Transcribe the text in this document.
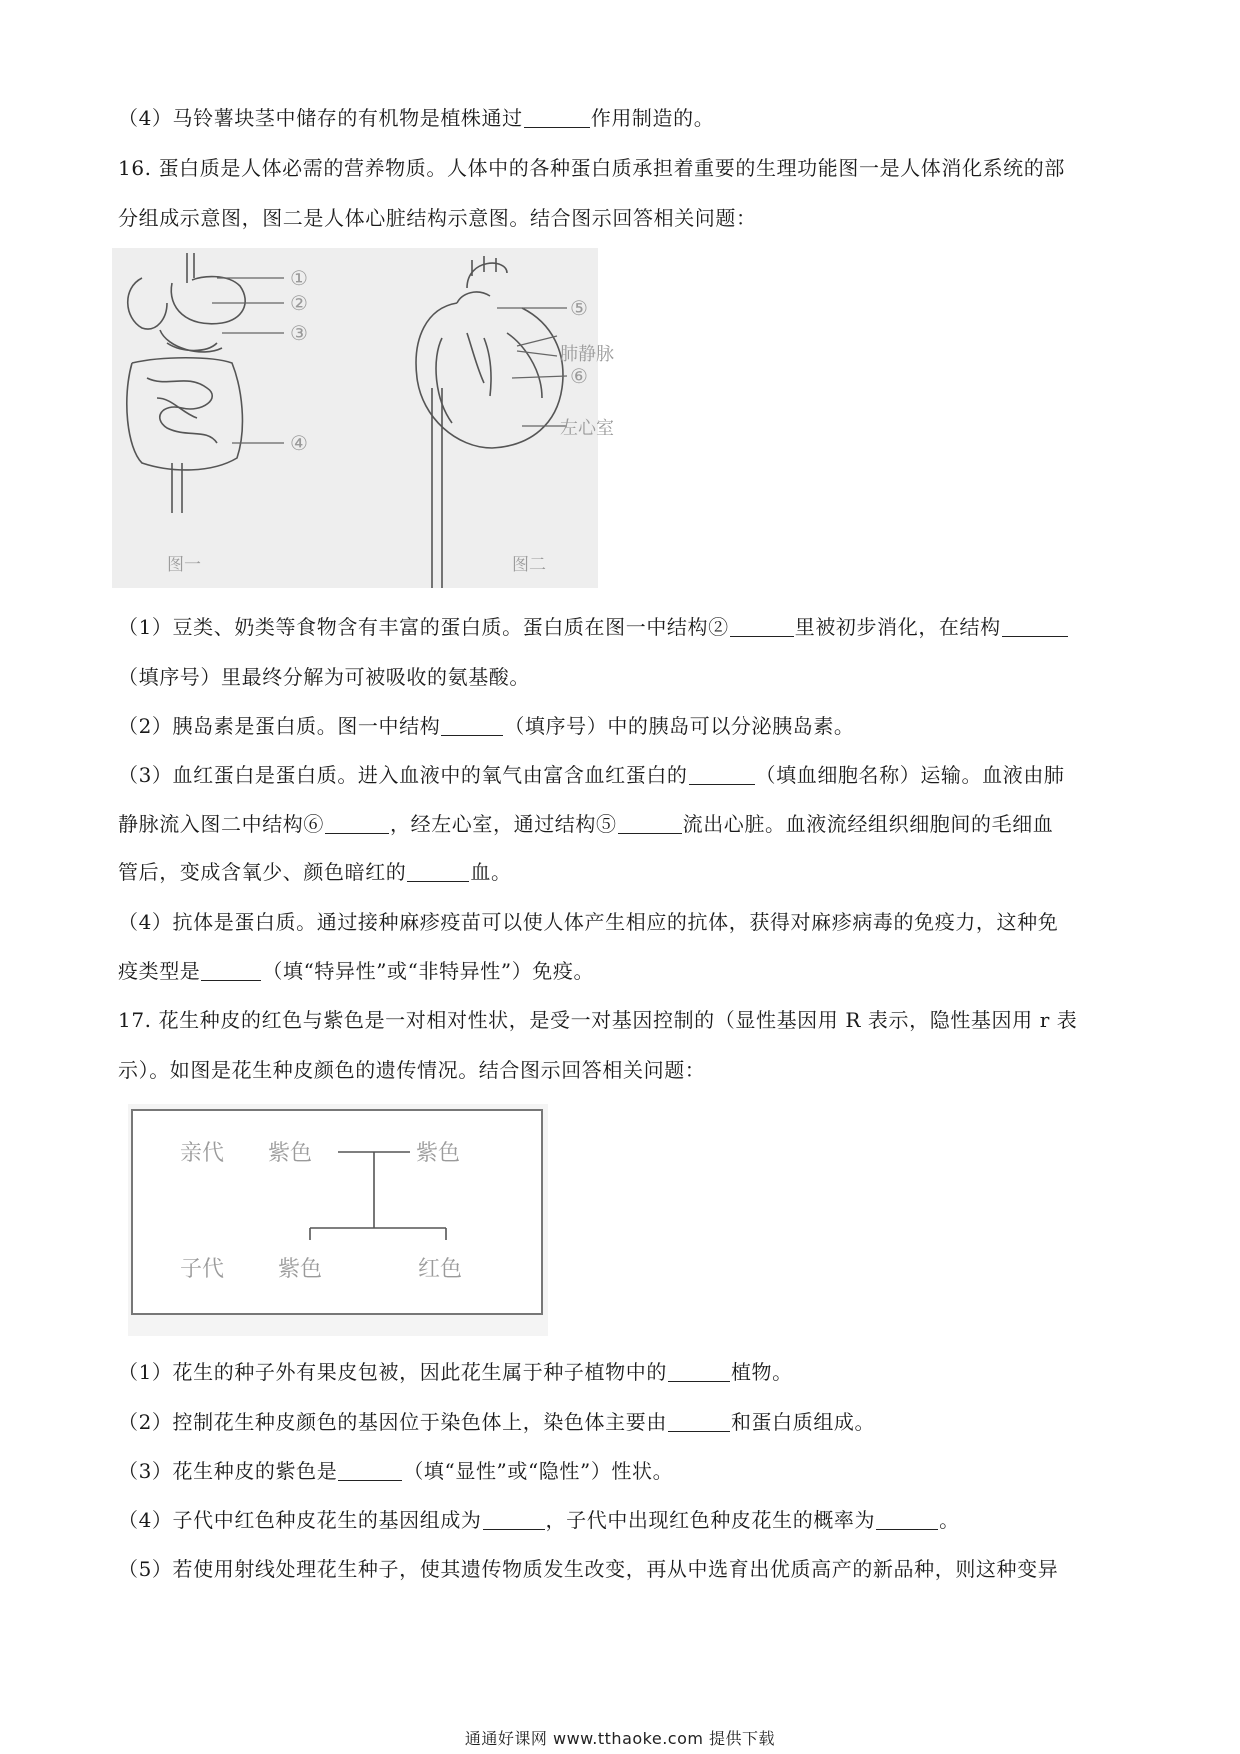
（4）马铃薯块茎中储存的有机物是植株通过	作用制造的。
16. 蛋白质是人体必需的营养物质。人体中的各种蛋白质承担着重要的生理功能图一是人体消化系统的部
分组成示意图，图二是人体心脏结构示意图。结合图示回答相关问题：
①
②
③
④
⑤
肺静脉
⑥
左心室
图一	图二
（1）豆类、奶类等食物含有丰富的蛋白质。蛋白质在图一中结构②	里被初步消化，在结构
（填序号）里最终分解为可被吸收的氨基酸。
（2）胰岛素是蛋白质。图一中结构	（填序号）中的胰岛可以分泌胰岛素。
（3）血红蛋白是蛋白质。进入血液中的氧气由富含血红蛋白的	（填血细胞名称）运输。血液由肺
静脉流入图二中结构⑥	，经左心室，通过结构⑤	流出心脏。血液流经组织细胞间的毛细血
管后，变成含氧少、颜色暗红的	血。
（4）抗体是蛋白质。通过接种麻疹疫苗可以使人体产生相应的抗体，获得对麻疹病毒的免疫力，这种免
疫类型是	（填“特异性”或“非特异性”）免疫。
17. 花生种皮的红色与紫色是一对相对性状，是受一对基因控制的（显性基因用 R 表示，隐性基因用 r 表
示）。如图是花生种皮颜色的遗传情况。结合图示回答相关问题：
亲代 紫色	紫色
子代 紫色	红色
（1）花生的种子外有果皮包被，因此花生属于种子植物中的	植物。
（2）控制花生种皮颜色的基因位于染色体上，染色体主要由	和蛋白质组成。
（3）花生种皮的紫色是	（填“显性”或“隐性”）性状。
（4）子代中红色种皮花生的基因组成为	，子代中出现红色种皮花生的概率为	。
（5）若使用射线处理花生种子，使其遗传物质发生改变，再从中选育出优质高产的新品种，则这种变异
通通好课网 www.tthaoke.com 提供下载
